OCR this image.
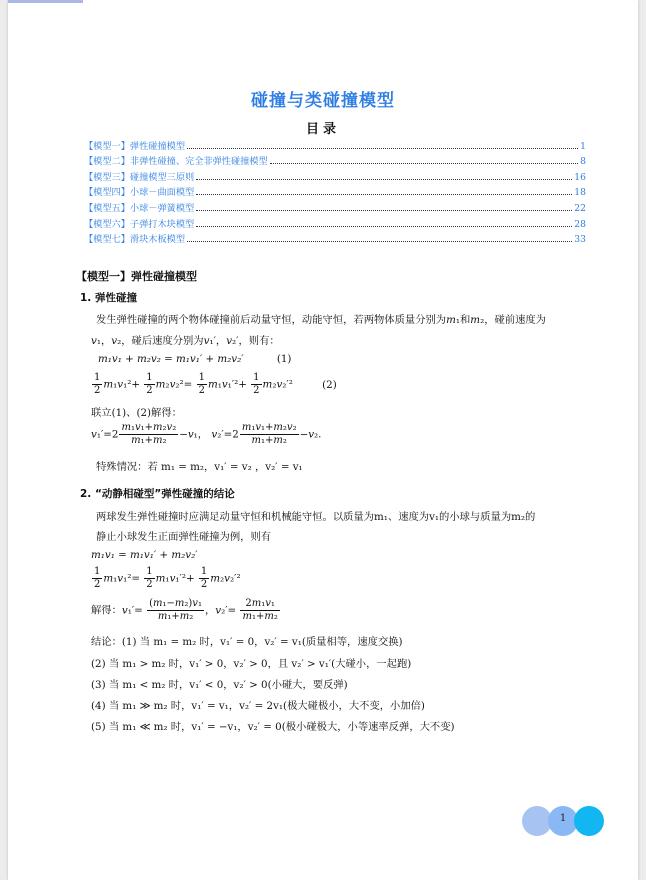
碰撞与类碰撞模型
目录
【模型一】弹性碰撞模型	1
【模型二】非弹性碰撞、完全非弹性碰撞模型	8
【模型三】碰撞模型三原则	16
【模型四】小球－曲面模型	18
【模型五】小球－弹簧模型	22
【模型六】子弹打木块模型	28
【模型七】滑块木板模型	33
【模型一】弹性碰撞模型
1. 弹性碰撞
发生弹性碰撞的两个物体碰撞前后动量守恒，动能守恒，若两物体质量分别为m₁和m₂，碰前速度为
v₁，v₂，碰后速度分别为v₁′，v₂′，则有：
m₁v₁ + m₂v₂ = m₁v₁′ + m₂v₂′	(1)
$\frac{1}{2} m_1v_1^2+ \frac{1}{2} m_2v_2^2= \frac{1}{2} m_1v_1'^2+ \frac{1}{2} m_2v_2'^2$	(2)
联立(1)、(2)解得：
$v_1'=2 \frac{\text{m₁v₁+m₂v₂}}{\text{m₁+m₂}} -v_1$， $v_2'=2 \frac{\text{m₁v₁+m₂v₂}}{\text{m₁+m₂}} -v_2$.
特殊情况：若 m₁ = m₂，v₁′ = v₂ ，v₂′ = v₁
2. “动静相碰型”弹性碰撞的结论
两球发生弹性碰撞时应满足动量守恒和机械能守恒。以质量为m₁、速度为v₁的小球与质量为m₂的
静止小球发生正面弹性碰撞为例，则有
m₁v₁ = m₁v₁′ + m₂v₂′
$\frac{1}{2} m_1v_1^2= \frac{1}{2} m_1v_1'^2+ \frac{1}{2} m_2v_2'^2$
解得：$v_1'= \frac{\text{(m₁−m₂)v₁}}{\text{m₁+m₂}}$ ，$v_2'= \frac{\text{2m₁v₁}}{\text{m₁+m₂}}$
结论：(1) 当 m₁ = m₂ 时，v₁′ = 0，v₂′ = v₁(质量相等，速度交换)
(2) 当 m₁ > m₂ 时，v₁′ > 0，v₂′ > 0，且 v₂′ > v₁′(大碰小，一起跑)
(3) 当 m₁ < m₂ 时，v₁′ < 0，v₂′ > 0(小碰大，要反弹)
(4) 当 m₁ ≫ m₂ 时，v₁′ = v₁，v₂′ = 2v₁(极大碰极小，大不变，小加倍)
(5) 当 m₁ ≪ m₂ 时，v₁′ = −v₁，v₂′ = 0(极小碰极大，小等速率反弹，大不变)
1
